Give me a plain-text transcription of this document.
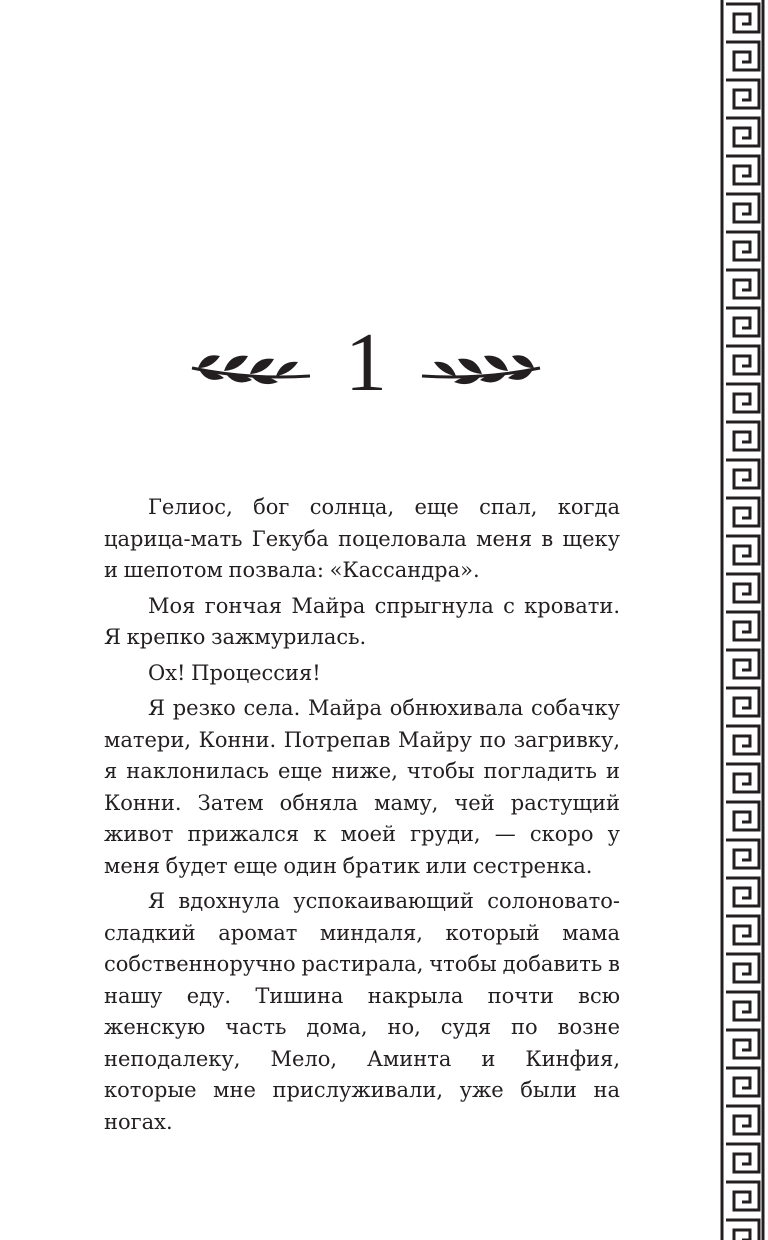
1

Гелиос, бог солнца, еще спал, когда царица-мать Гекуба поцеловала меня в щеку и шепотом позвала: «Кассандра».

Моя гончая Майра спрыгнула с кровати. Я крепко зажмурилась.

Ох! Процессия!

Я резко села. Майра обнюхивала собачку матери, Конни. Потрепав Майру по загривку, я наклонилась еще ниже, чтобы погладить и Конни. Затем обняла маму, чей растущий живот прижался к моей груди, — скоро у меня будет еще один братик или сестренка.

Я вдохнула успокаивающий солоновато-сладкий аромат миндаля, который мама собственноручно растирала, чтобы добавить в нашу еду. Тишина накрыла почти всю женскую часть дома, но, судя по возне неподалеку, Мело, Аминта и Кинфия, которые мне прислуживали, уже были на ногах.
